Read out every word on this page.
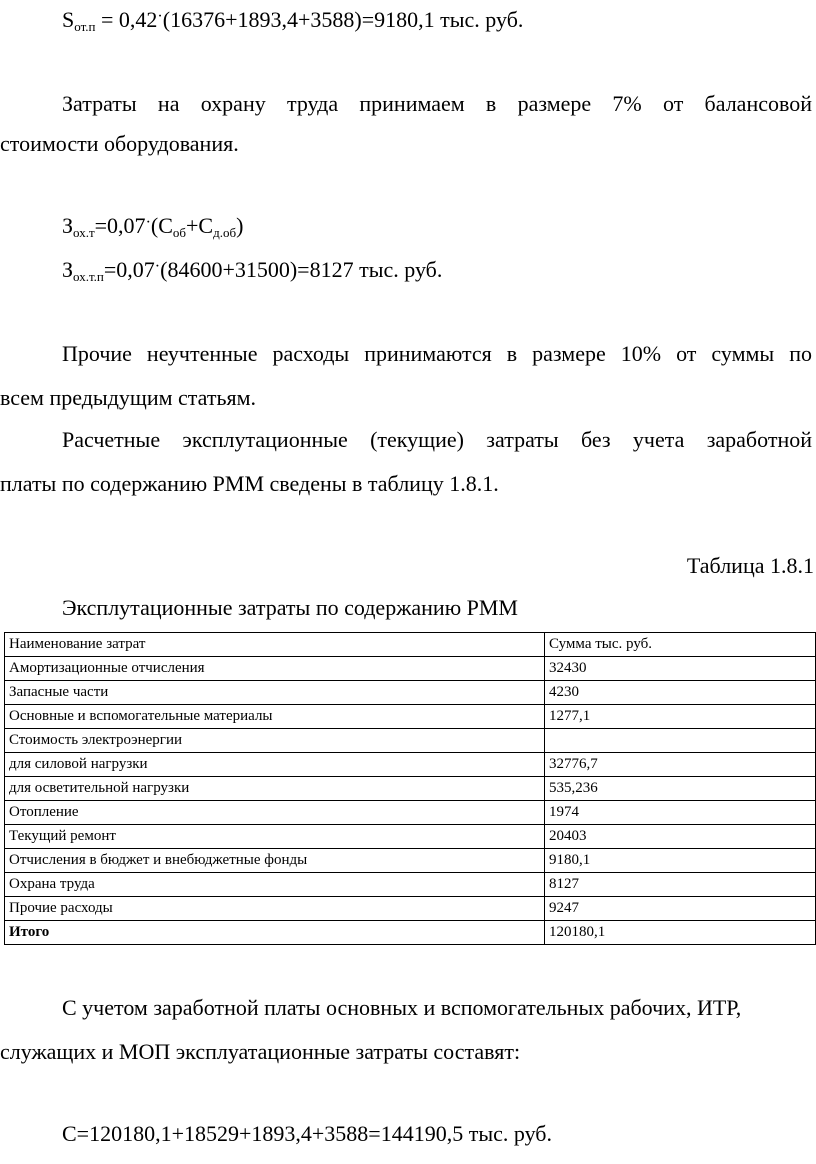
$S_{от.п} = 0,42^\cdot(16376+1893,4+3588)=9180,1$ тыс. руб.
Затраты на охрану труда принимаем в размере 7% от балансовой
стоимости оборудования.
$З_{ох.т}=0,07^\cdot(С_{об}+С_{д.об})$
$З_{ох.т.п}=0,07^\cdot(84600+31500)=8127$ тыс. руб.
Прочие неучтенные расходы принимаются в размере 10% от суммы по
всем предыдущим статьям.
Расчетные эксплутационные (текущие) затраты без учета заработной
платы по содержанию РММ сведены в таблицу 1.8.1.
Таблица 1.8.1
Эксплутационные затраты по содержанию РММ
Наименование затрат	Сумма тыс. руб.
Амортизационные отчисления	32430
Запасные части	4230
Основные и вспомогательные материалы	1277,1
Стоимость электроэнергии	
для силовой нагрузки	32776,7
для осветительной нагрузки	535,236
Отопление	1974
Текущий ремонт	20403
Отчисления в бюджет и внебюджетные фонды	9180,1
Охрана труда	8127
Прочие расходы	9247
Итого	120180,1
С учетом заработной платы основных и вспомогательных рабочих, ИТР,
служащих и МОП эксплуатационные затраты составят:
С=120180,1+18529+1893,4+3588=144190,5 тыс. руб.
